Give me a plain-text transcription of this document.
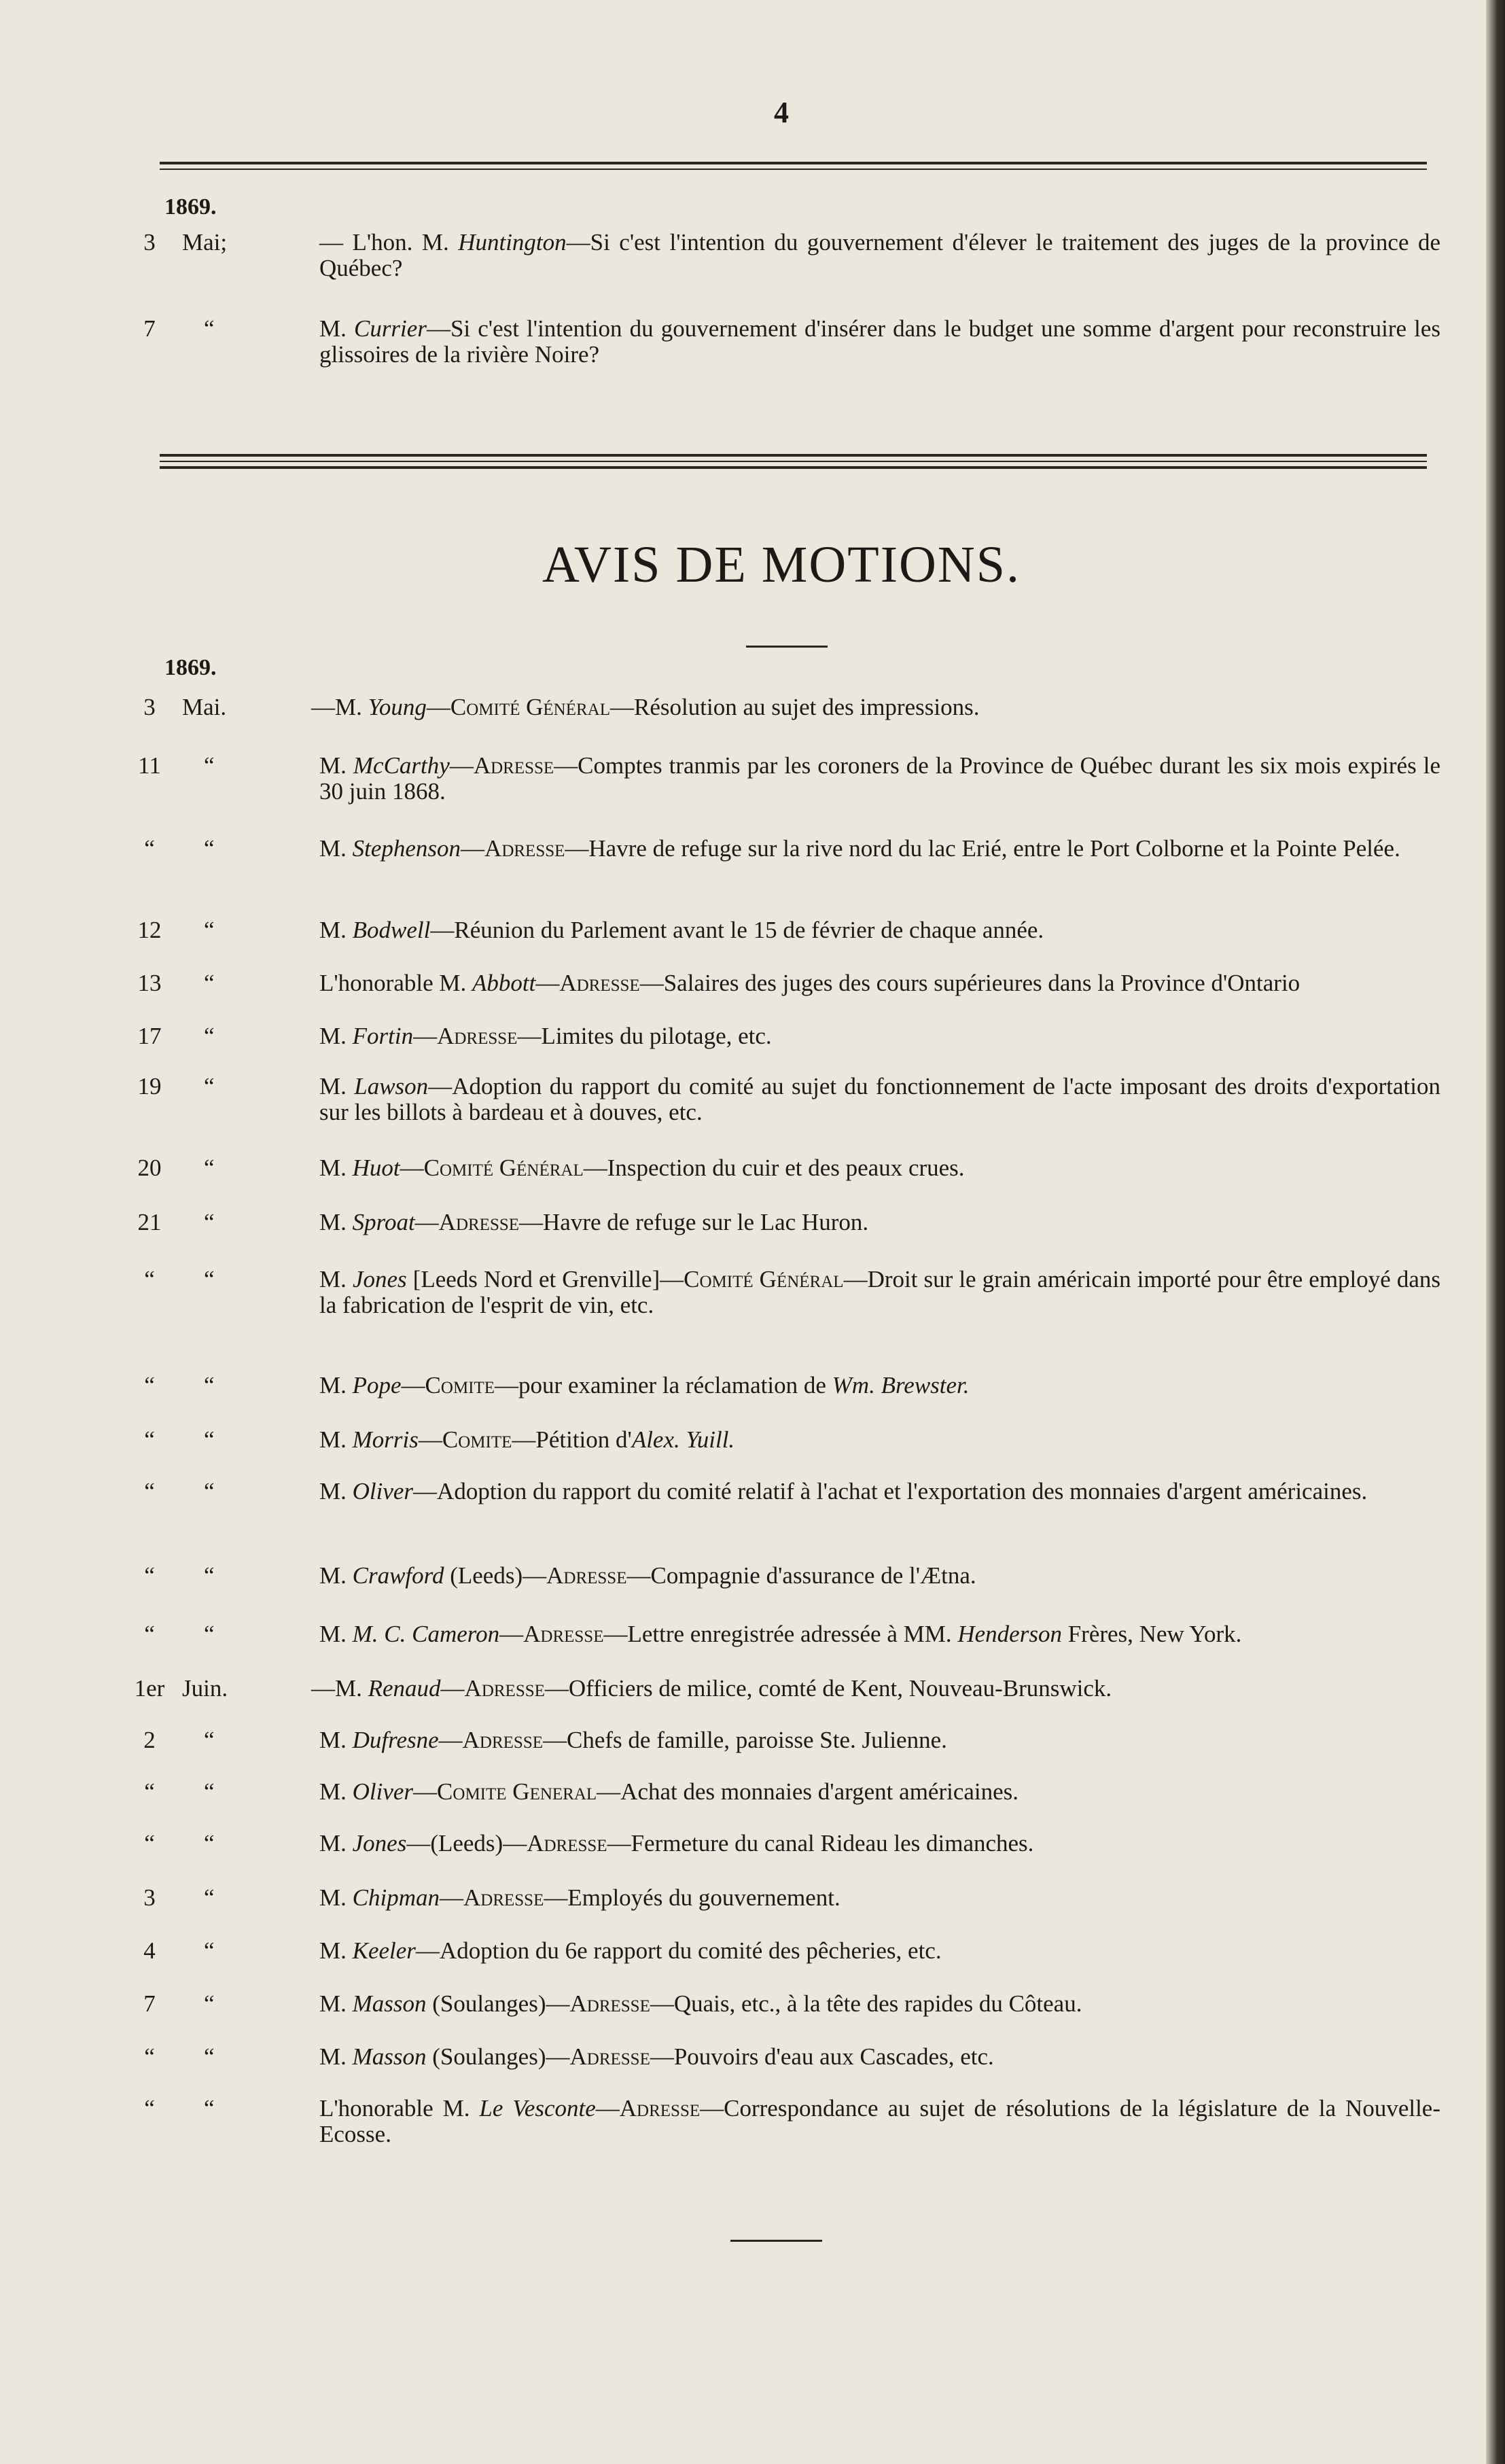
4
1869.
3	Mai;	— L'hon. M. Huntington—Si c'est l'intention du gouvernement d'élever le traitement des juges de la province de Québec?
7	“	M. Currier—Si c'est l'intention du gouvernement d'insérer dans le budget une somme d'argent pour reconstruire les glissoires de la rivière Noire?
AVIS DE MOTIONS.
1869.
3	Mai.	—M. Young—Comité Général—Résolution au sujet des impressions.
11	“	M. McCarthy—Adresse—Comptes tranmis par les coroners de la Province de Québec durant les six mois expirés le 30 juin 1868.
“	“	M. Stephenson—Adresse—Havre de refuge sur la rive nord du lac Erié, entre le Port Colborne et la Pointe Pelée.
12	“	M. Bodwell—Réunion du Parlement avant le 15 de février de chaque année.
13	“	L'honorable M. Abbott—Adresse—Salaires des juges des cours supérieures dans la Province d'Ontario
17	“	M. Fortin—Adresse—Limites du pilotage, etc.
19	“	M. Lawson—Adoption du rapport du comité au sujet du fonctionnement de l'acte imposant des droits d'exportation sur les billots à bardeau et à douves, etc.
20	“	M. Huot—Comité Général—Inspection du cuir et des peaux crues.
21	“	M. Sproat—Adresse—Havre de refuge sur le Lac Huron.
“	“	M. Jones [Leeds Nord et Grenville]—Comité Général—Droit sur le grain américain importé pour être employé dans la fabrication de l'esprit de vin, etc.
“	“	M. Pope—Comite—pour examiner la réclamation de Wm. Brewster.
“	“	M. Morris—Comite—Pétition d'Alex. Yuill.
“	“	M. Oliver—Adoption du rapport du comité relatif à l'achat et l'exportation des monnaies d'argent américaines.
“	“	M. Crawford (Leeds)—Adresse—Compagnie d'assurance de l'Ætna.
“	“	M. M. C. Cameron—Adresse—Lettre enregistrée adressée à MM. Henderson Frères, New York.
1er Juin.	—M. Renaud—Adresse—Officiers de milice, comté de Kent, Nouveau-Brunswick.
2	“	M. Dufresne—Adresse—Chefs de famille, paroisse Ste. Julienne.
“	“	M. Oliver—Comite General—Achat des monnaies d'argent américaines.
“	“	M. Jones—(Leeds)—Adresse—Fermeture du canal Rideau les dimanches.
3	“	M. Chipman—Adresse—Employés du gouvernement.
4	“	M. Keeler—Adoption du 6e rapport du comité des pêcheries, etc.
7	“	M. Masson (Soulanges)—Adresse—Quais, etc., à la tête des rapides du Côteau.
“	“	M. Masson (Soulanges)—Adresse—Pouvoirs d'eau aux Cascades, etc.
“	“	L'honorable M. Le Vesconte—Adresse—Correspondance au sujet de résolutions de la législature de la Nouvelle-Ecosse.
